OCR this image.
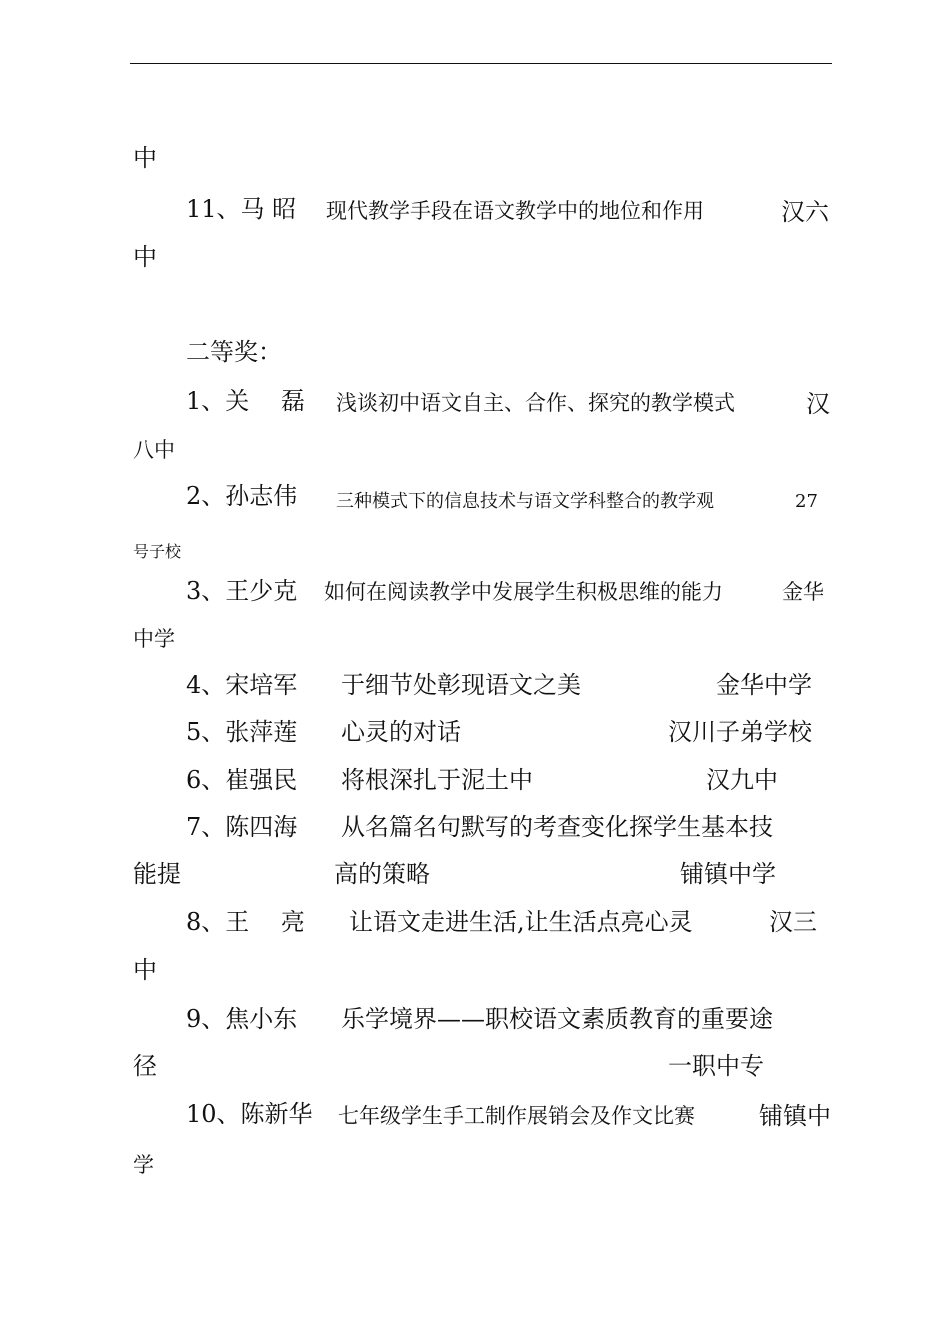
中
11、马 昭 现代教学手段在语文教学中的地位和作用	汉六
中
二等奖：
1、关 　磊 浅谈初中语文自主、合作、探究的教学模式	汉
八中
2、孙志伟 三种模式下的信息技术与语文学科整合的教学观	27
号子校
3、王少克 如何在阅读教学中发展学生积极思维的能力	金华
中学
4、宋培军 于细节处彰现语文之美	金华中学
5、张萍莲 心灵的对话	汉川子弟学校
6、崔强民 将根深扎于泥土中	汉九中
7、陈四海 从名篇名句默写的考查变化探学生基本技
能提	高的策略	铺镇中学
8、王 　亮 让语文走进生活,让生活点亮心灵	汉三
中
9、焦小东 乐学境界——职校语文素质教育的重要途
径	一职中专
10、陈新华 七年级学生手工制作展销会及作文比赛	铺镇中
学
